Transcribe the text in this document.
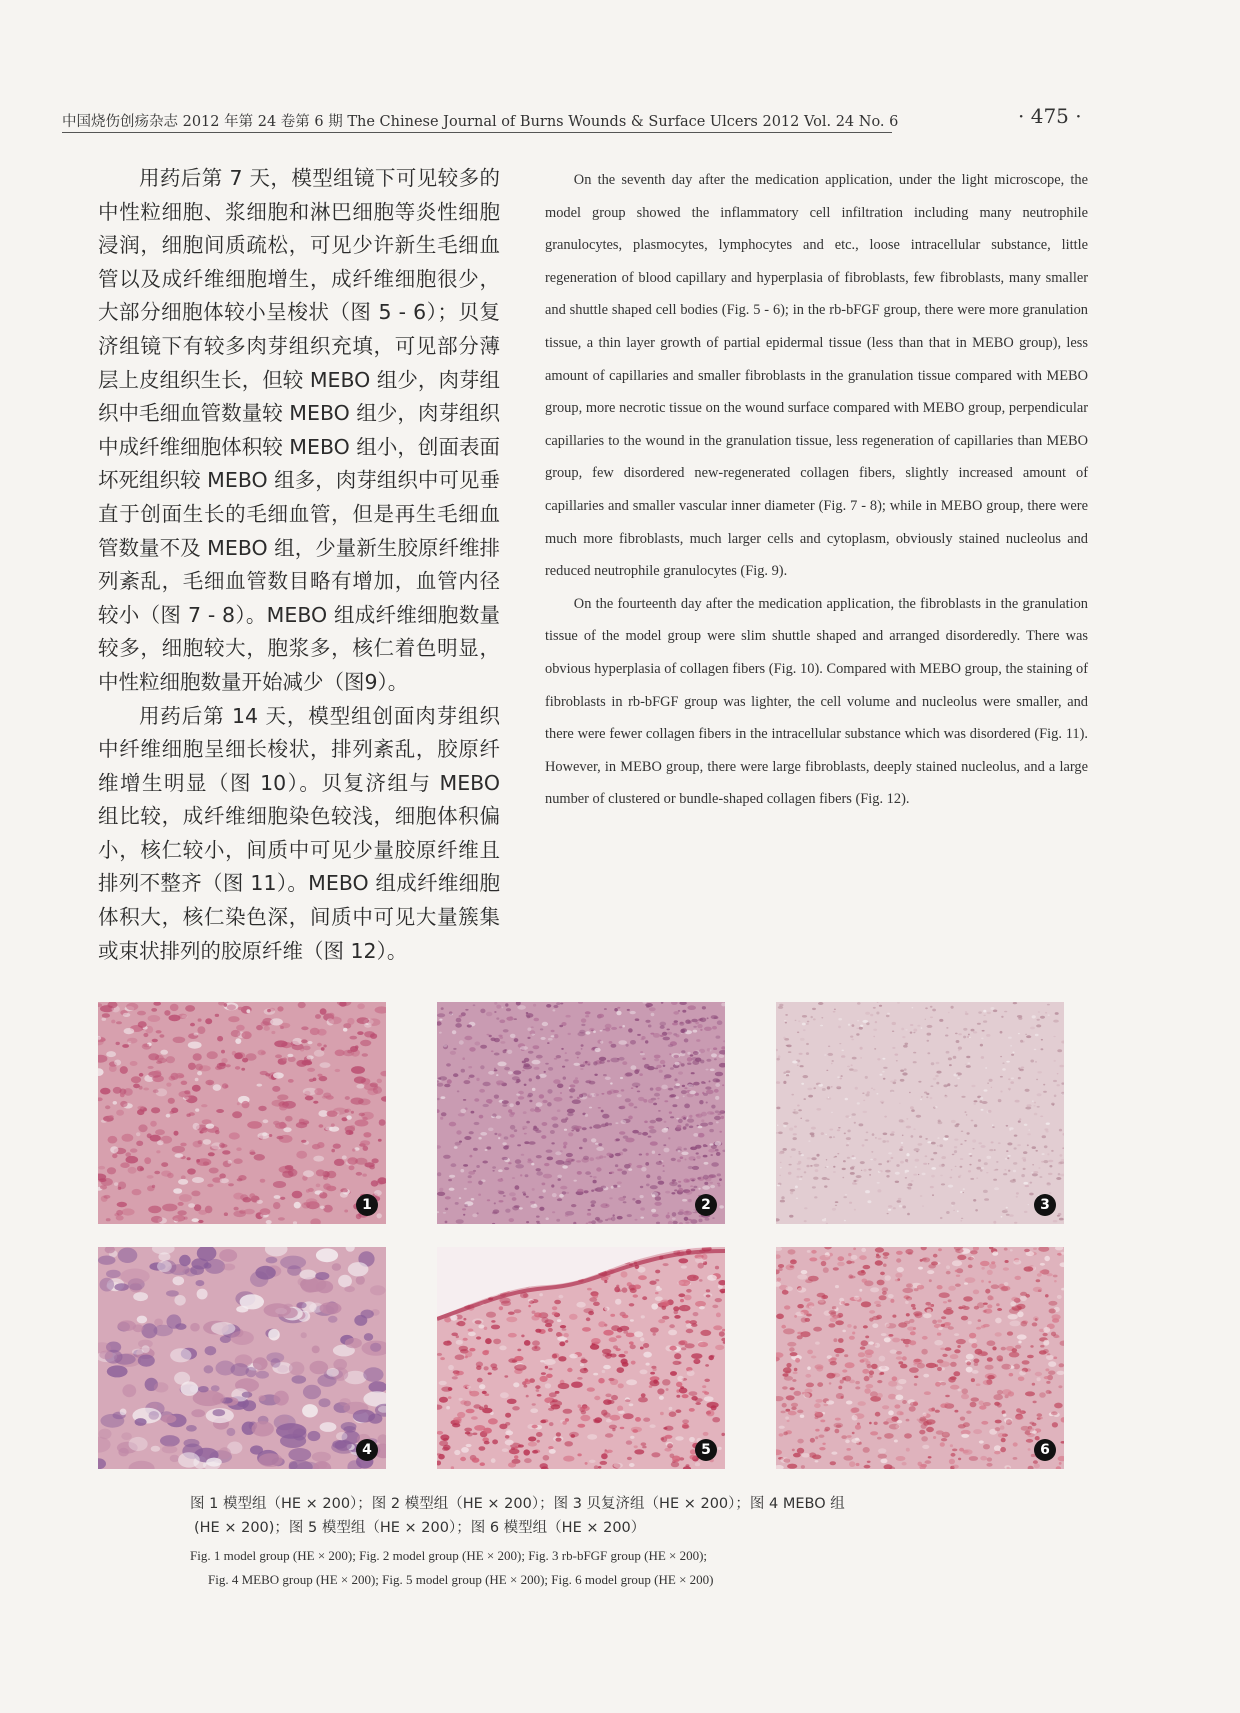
中国烧伤创疡杂志 2012 年第 24 卷第 6 期 The Chinese Journal of Burns Wounds & Surface Ulcers 2012 Vol. 24 No. 6	· 475 ·

用药后第 7 天，模型组镜下可见较多的中性粒细胞、浆细胞和淋巴细胞等炎性细胞浸润，细胞间质疏松，可见少许新生毛细血管以及成纤维细胞增生，成纤维细胞很少，大部分细胞体较小呈梭状（图 5 - 6）；贝复济组镜下有较多肉芽组织充填，可见部分薄层上皮组织生长，但较 MEBO 组少，肉芽组织中毛细血管数量较 MEBO 组少，肉芽组织中成纤维细胞体积较 MEBO 组小，创面表面坏死组织较 MEBO 组多，肉芽组织中可见垂直于创面生长的毛细血管，但是再生毛细血管数量不及 MEBO 组，少量新生胶原纤维排列紊乱，毛细血管数目略有增加，血管内径较小（图 7 - 8）。MEBO 组成纤维细胞数量较多，细胞较大，胞浆多，核仁着色明显，中性粒细胞数量开始减少（图9）。

用药后第 14 天，模型组创面肉芽组织中纤维细胞呈细长梭状，排列紊乱，胶原纤维增生明显（图 10）。贝复济组与 MEBO 组比较，成纤维细胞染色较浅，细胞体积偏小，核仁较小，间质中可见少量胶原纤维且排列不整齐（图 11）。MEBO 组成纤维细胞体积大，核仁染色深，间质中可见大量簇集或束状排列的胶原纤维（图 12）。

On the seventh day after the medication application, under the light microscope, the model group showed the inflammatory cell infiltration including many neutrophile granulocytes, plasmocytes, lymphocytes and etc., loose intracellular substance, little regeneration of blood capillary and hyperplasia of fibroblasts, few fibroblasts, many smaller and shuttle shaped cell bodies (Fig. 5 - 6); in the rb-bFGF group, there were more granulation tissue, a thin layer growth of partial epidermal tissue (less than that in MEBO group), less amount of capillaries and smaller fibroblasts in the granulation tissue compared with MEBO group, more necrotic tissue on the wound surface compared with MEBO group, perpendicular capillaries to the wound in the granulation tissue, less regeneration of capillaries than MEBO group, few disordered new-regenerated collagen fibers, slightly increased amount of capillaries and smaller vascular inner diameter (Fig. 7 - 8); while in MEBO group, there were much more fibroblasts, much larger cells and cytoplasm, obviously stained nucleolus and reduced neutrophile granulocytes (Fig. 9).

On the fourteenth day after the medication application, the fibroblasts in the granulation tissue of the model group were slim shuttle shaped and arranged disorderedly. There was obvious hyperplasia of collagen fibers (Fig. 10). Compared with MEBO group, the staining of fibroblasts in rb-bFGF group was lighter, the cell volume and nucleolus were smaller, and there were fewer collagen fibers in the intracellular substance which was disordered (Fig. 11). However, in MEBO group, there were large fibroblasts, deeply stained nucleolus, and a large number of clustered or bundle-shaped collagen fibers (Fig. 12).

1	2	3
4	5	6
图 1 模型组（HE × 200）；图 2 模型组（HE × 200）；图 3 贝复济组（HE × 200）；图 4 MEBO 组
(HE × 200)；图 5 模型组（HE × 200）；图 6 模型组（HE × 200）
Fig. 1 model group (HE × 200); Fig. 2 model group (HE × 200); Fig. 3 rb-bFGF group (HE × 200);
Fig. 4 MEBO group (HE × 200); Fig. 5 model group (HE × 200); Fig. 6 model group (HE × 200)
